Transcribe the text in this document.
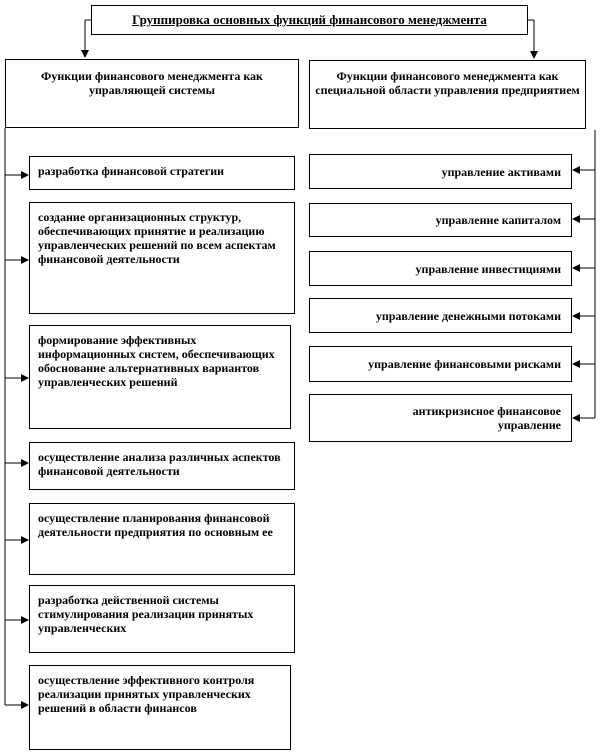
Группировка основных функций финансового менеджмента
Функции финансового менеджмента как управляющей системы
Функции финансового менеджмента как специальной области управления предприятием
разработка финансовой стратегии
создание организационных структур, обеспечивающих принятие и реализацию управленческих решений по всем аспектам финансовой деятельности
формирование эффективных информационных систем, обеспечивающих обоснование альтернативных вариантов управленческих решений
осуществление анализа различных аспектов финансовой деятельности
осуществление планирования финансовой деятельности предприятия по основным ее
разработка действенной системы стимулирования реализации принятых управленческих
осуществление эффективного контроля реализации принятых управленческих решений в области финансов
управление активами
управление капиталом
управление инвестициями
управление денежными потоками
управление финансовыми рисками
антикризисное финансовое управление
